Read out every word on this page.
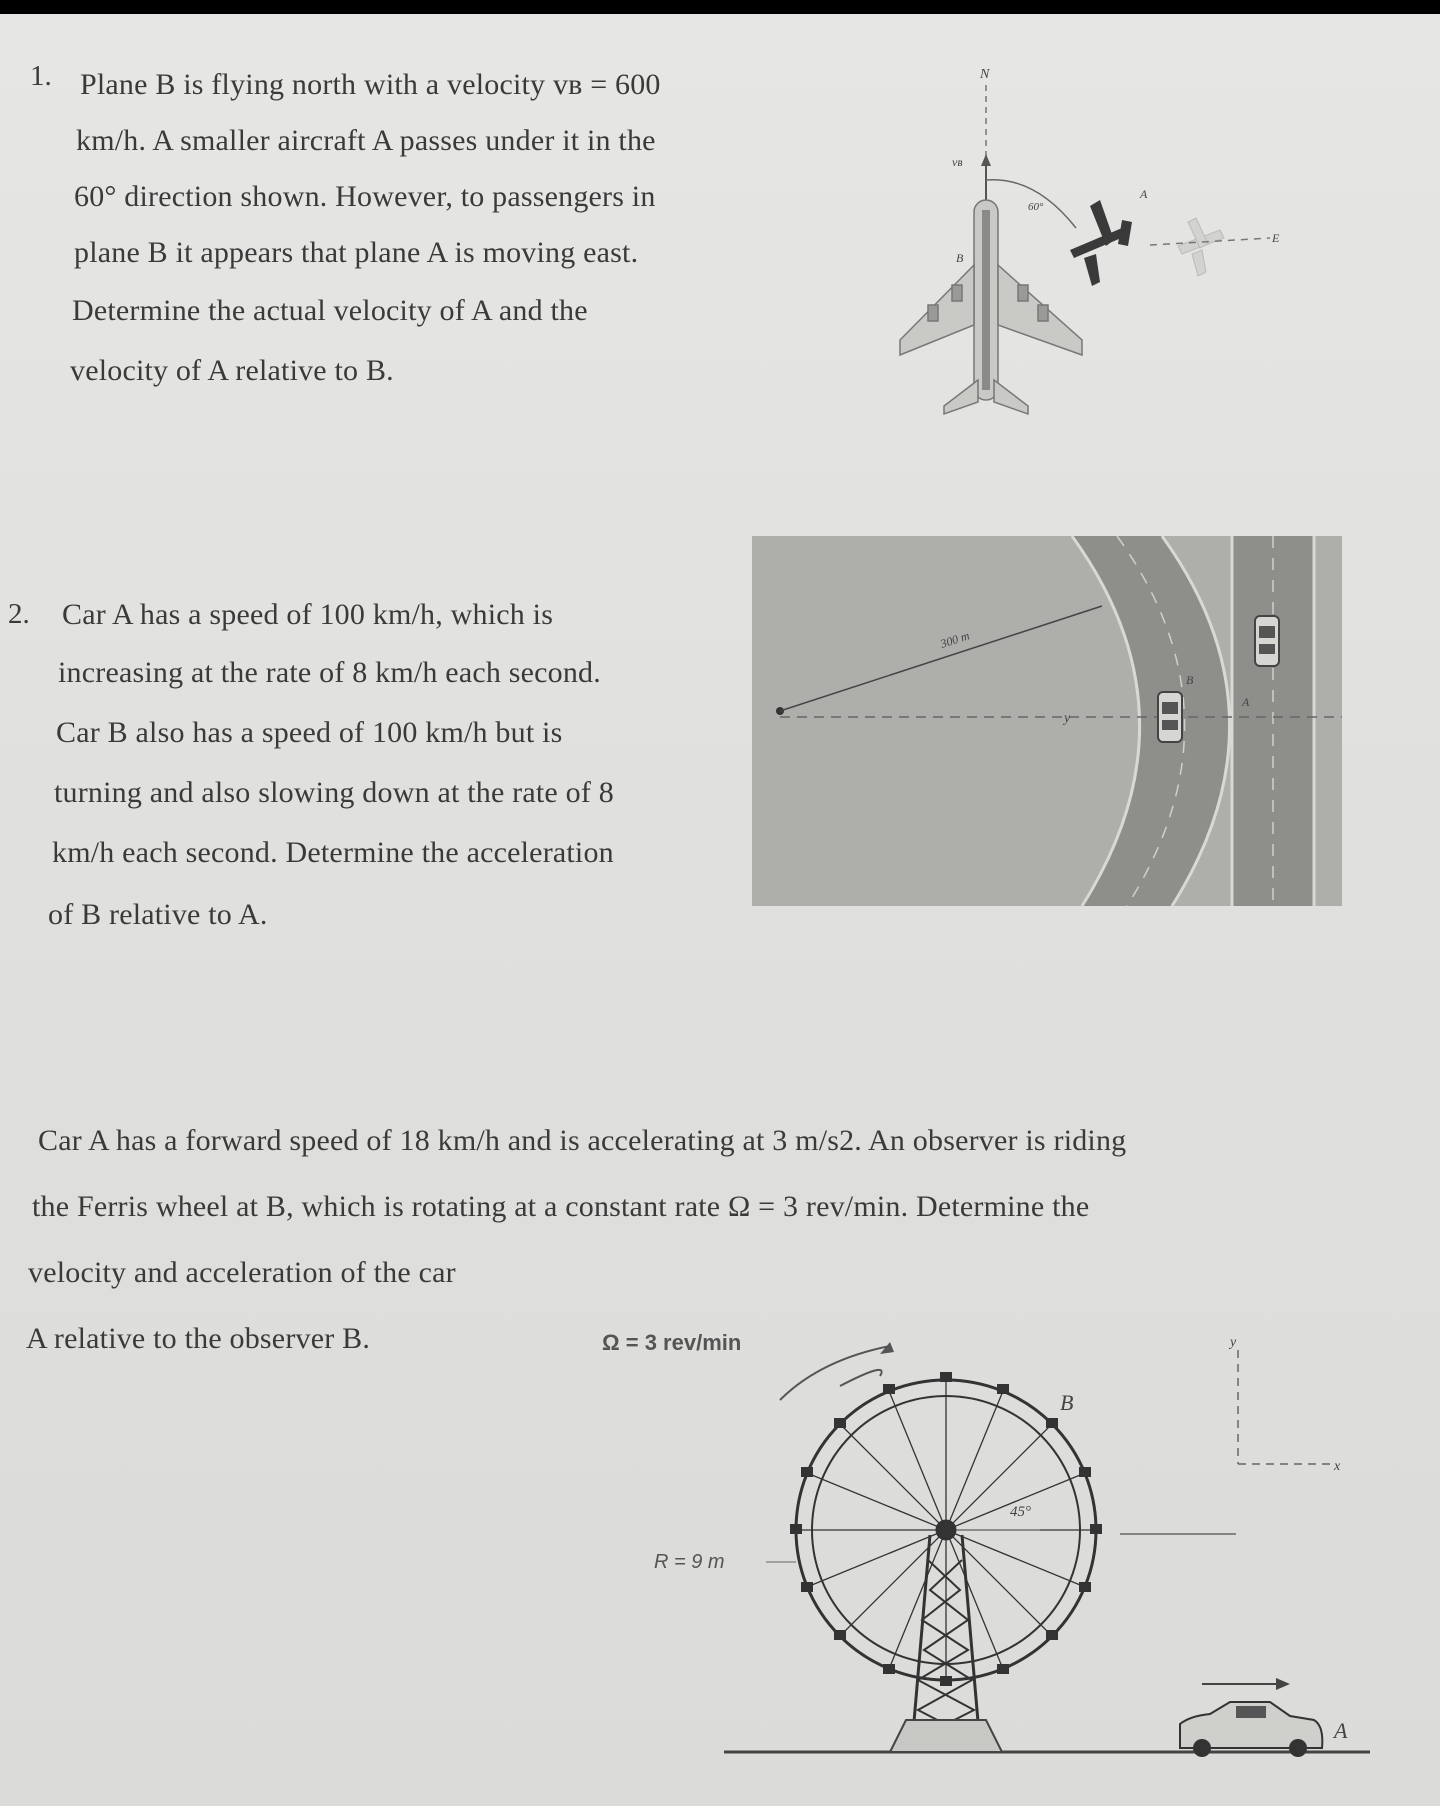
1. Plane B is flying north with a velocity vʙ = 600
km/h. A smaller aircraft A passes under it in the
60° direction shown. However, to passengers in
plane B it appears that plane A is moving east.
Determine the actual velocity of A and the
velocity of A relative to B.
N
vʙ
60°
B
A
E
2. Car A has a speed of 100 km/h, which is
increasing at the rate of 8 km/h each second.
Car B also has a speed of 100 km/h but is
turning and also slowing down at the rate of 8
km/h each second. Determine the acceleration
of B relative to A.
300 m
y
B
A
Car A has a forward speed of 18 km/h and is accelerating at 3 m/s2. An observer is riding
the Ferris wheel at B, which is rotating at a constant rate Ω = 3 rev/min. Determine the
velocity and acceleration of the car
A relative to the observer B.	Ω = 3 rev/min
45°
R = 9 m
B
y
x
A
